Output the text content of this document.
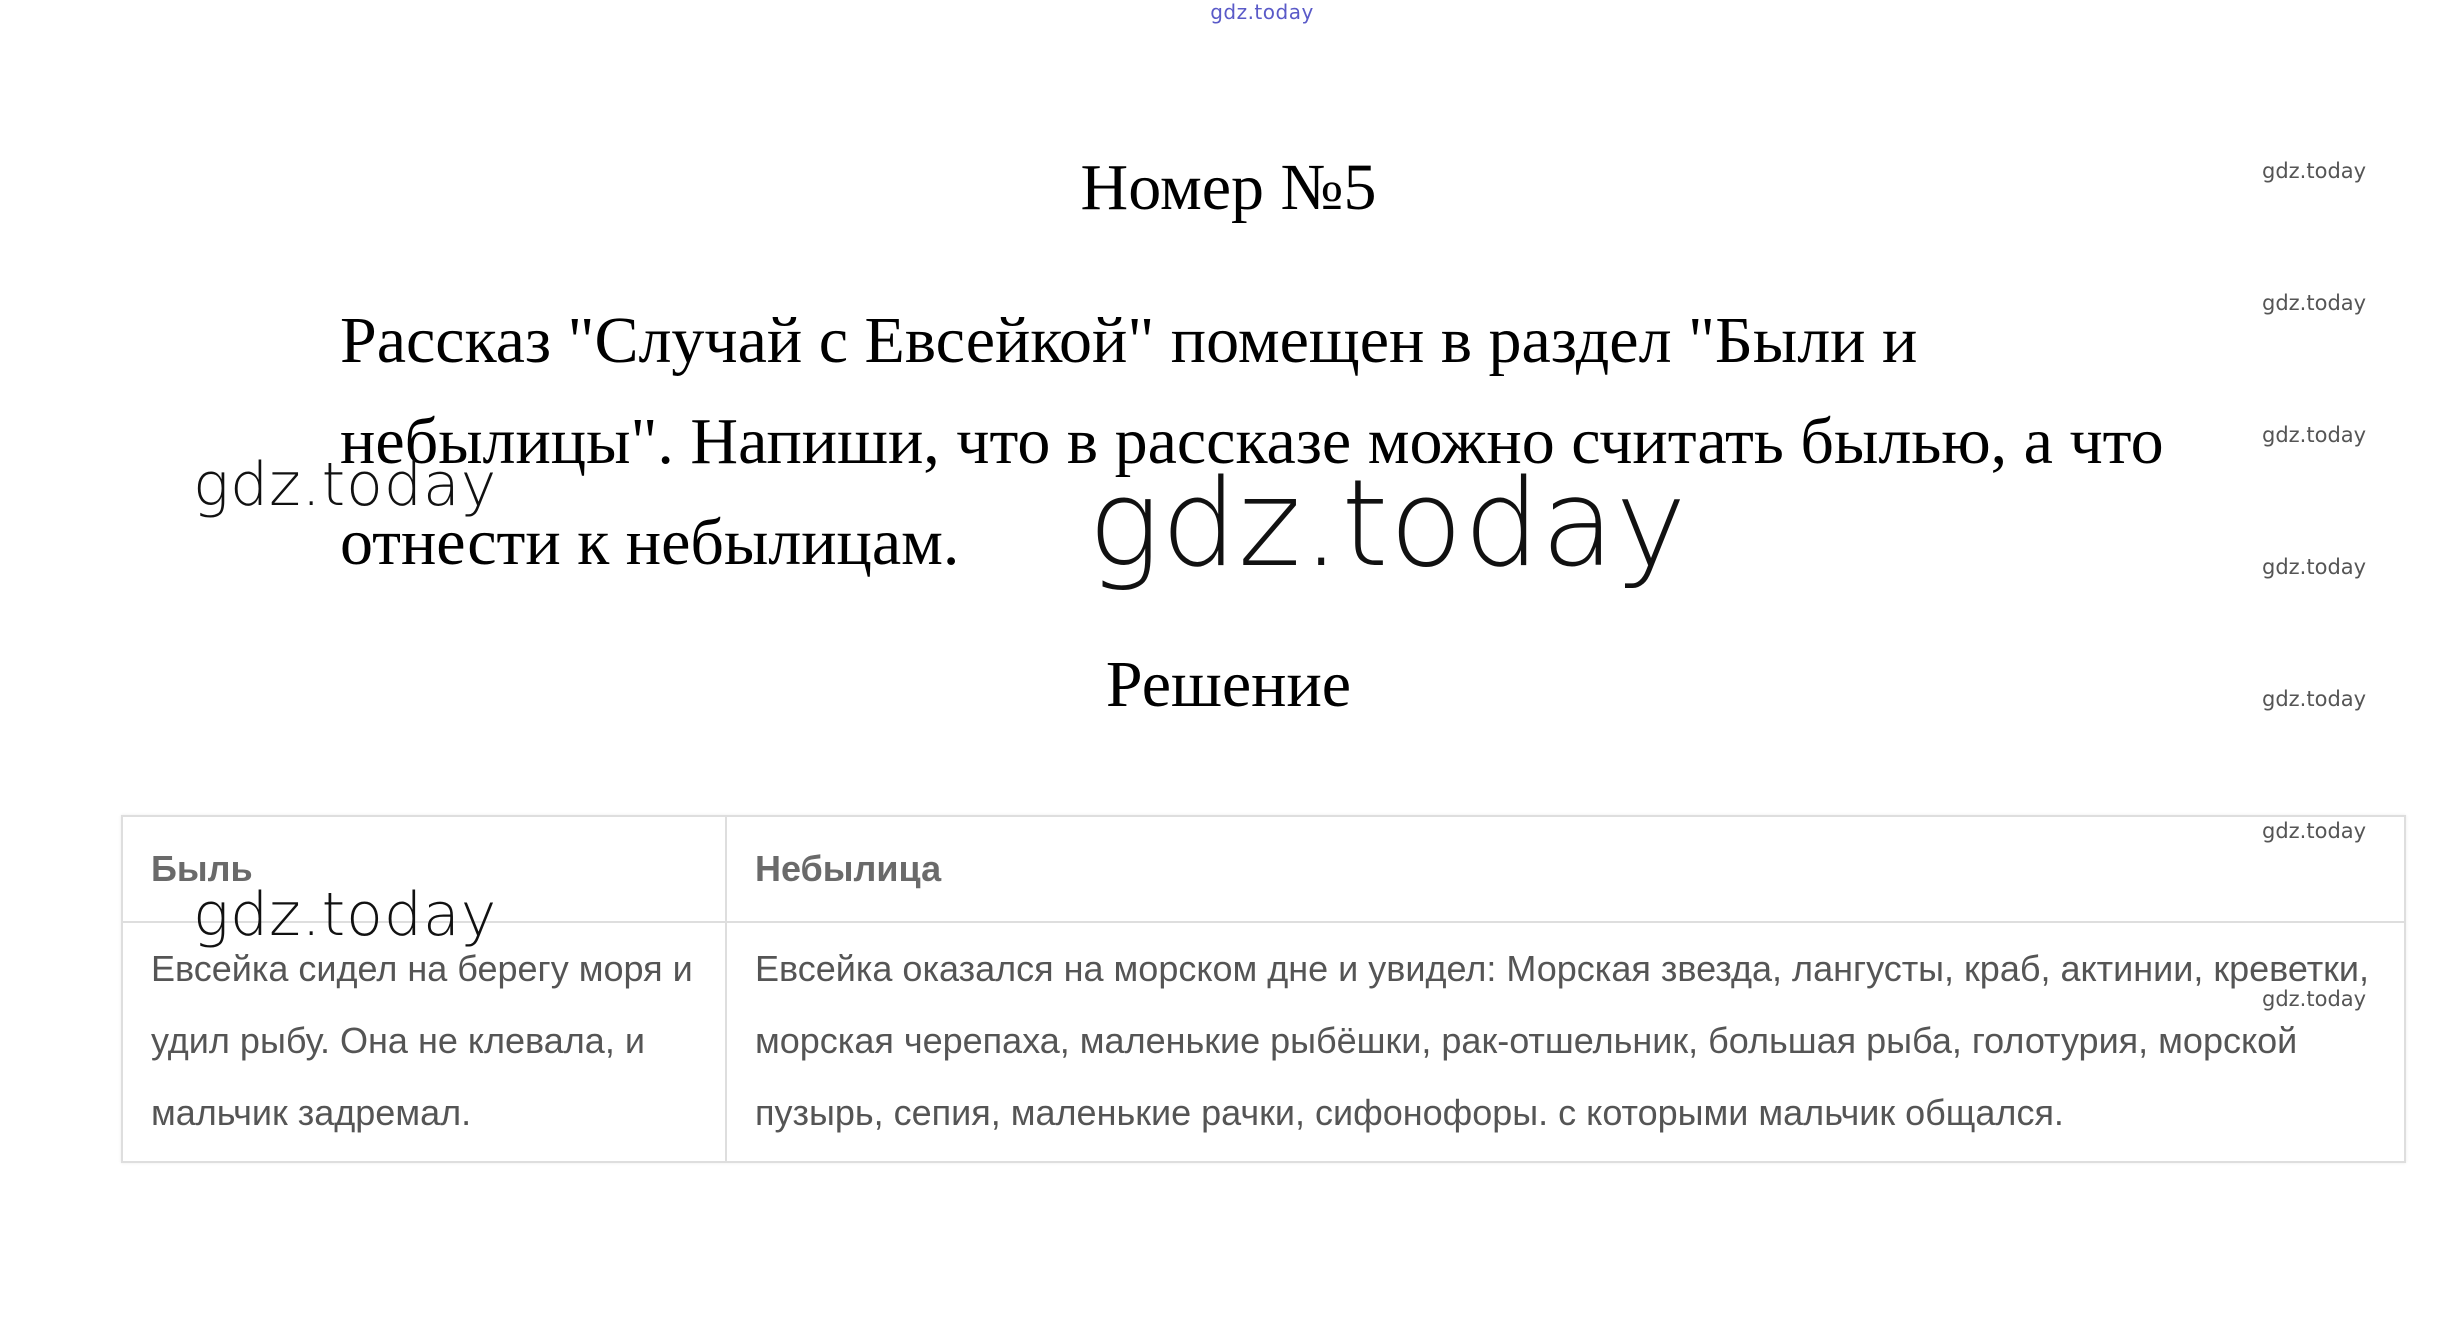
gdz.today
gdz.today
gdz.today
gdz.today
gdz.today
gdz.today
gdz.today
gdz.today
Номер №5
Рассказ "Случай с Евсейкой" помещен в раздел "Были и небылицы". Напиши, что в рассказе можно считать былью, а что отнести к небылицам.
Решение
Быль	Небылица
Евсейка сидел на берегу моря и удил рыбу. Она не клевала, и мальчик задремал.	Евсейка оказался на морском дне и увидел: Морская звезда, лангусты, краб, актинии, креветки, морская черепаха, маленькие рыбёшки, рак-отшельник, большая рыба, голотурия, морской пузырь, сепия, маленькие рачки, сифонофоры. с которыми мальчик общался.
gdz.today
gdz.today
gdz.today
